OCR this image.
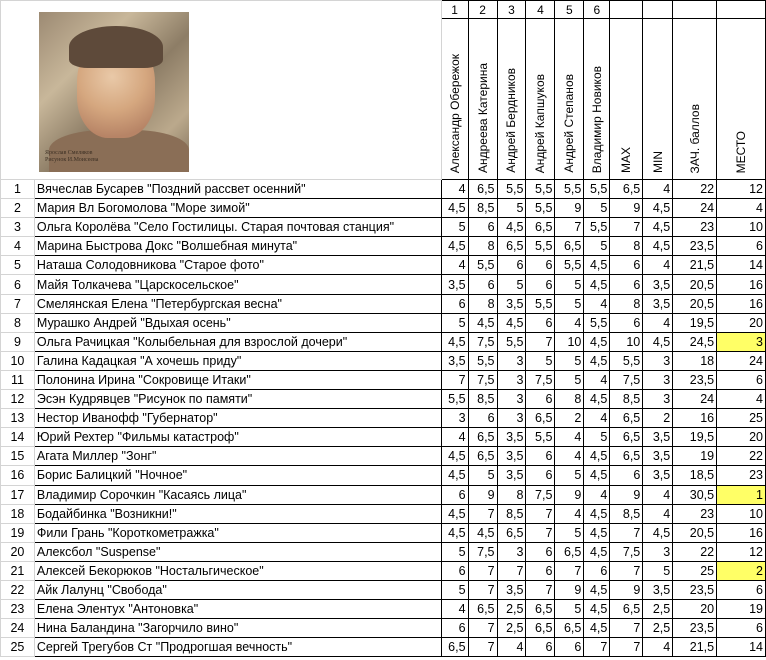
Ярослав Смеляков
Рисунок И.Моисеева		1	2	3	4	5	6				

		Александр Обережок	Андреева Катерина	Андрей Бердников	Андрей Капшуков	Андрей Степанов	Владимир Новиков	MAX	MIN	ЗАЧ. баллов	МЕСТО

1	Вячеслав Бусарев "Поздний рассвет осенний"	4	6,5	5,5	5,5	5,5	5,5	6,5	4	22	12
2	Мария Вл Богомолова "Море зимой"	4,5	8,5	5	5,5	9	5	9	4,5	24	4
3	Ольга Королёва "Село Гостилицы. Старая почтовая станция"	5	6	4,5	6,5	7	5,5	7	4,5	23	10
4	Марина Быстрова Докс "Волшебная минута"	4,5	8	6,5	5,5	6,5	5	8	4,5	23,5	6
5	Наташа Солодовникова "Старое фото"	4	5,5	6	6	5,5	4,5	6	4	21,5	14
6	Майя Толкачева "Царскосельское"	3,5	6	5	6	5	4,5	6	3,5	20,5	16
7	Смелянская Елена "Петербургская весна"	6	8	3,5	5,5	5	4	8	3,5	20,5	16
8	Мурашко Андрей "Вдыхая осень"	5	4,5	4,5	6	4	5,5	6	4	19,5	20
9	Ольга Рачицкая "Колыбельная для взрослой дочери"	4,5	7,5	5,5	7	10	4,5	10	4,5	24,5	3
10	Галина Кадацкая "А хочешь приду"	3,5	5,5	3	5	5	4,5	5,5	3	18	24
11	Полонина Ирина "Сокровище Итаки"	7	7,5	3	7,5	5	4	7,5	3	23,5	6
12	Эсэн Кудрявцев "Рисунок по памяти"	5,5	8,5	3	6	8	4,5	8,5	3	24	4
13	Нестор Иванофф "Губернатор"	3	6	3	6,5	2	4	6,5	2	16	25
14	Юрий Рехтер "Фильмы катастроф"	4	6,5	3,5	5,5	4	5	6,5	3,5	19,5	20
15	Агата Миллер "Зонг"	4,5	6,5	3,5	6	4	4,5	6,5	3,5	19	22
16	Борис Балицкий "Ночное"	4,5	5	3,5	6	5	4,5	6	3,5	18,5	23
17	Владимир Сорочкин "Касаясь лица"	6	9	8	7,5	9	4	9	4	30,5	1
18	Бодайбинка "Возникни!"	4,5	7	8,5	7	4	4,5	8,5	4	23	10
19	Фили Грань "Короткометражка"	4,5	4,5	6,5	7	5	4,5	7	4,5	20,5	16
20	Алексбол "Suspense"	5	7,5	3	6	6,5	4,5	7,5	3	22	12
21	Алексей Бекорюков "Ностальгическое"	6	7	7	6	7	6	7	5	25	2
22	Айк Лалунц "Свобода"	5	7	3,5	7	9	4,5	9	3,5	23,5	6
23	Елена Элентух "Антоновка"	4	6,5	2,5	6,5	5	4,5	6,5	2,5	20	19
24	Нина Баландина "Загорчило вино"	6	7	2,5	6,5	6,5	4,5	7	2,5	23,5	6
25	Сергей Трегубов Ст "Продрогшая вечность"	6,5	7	4	6	6	7	7	4	21,5	14
